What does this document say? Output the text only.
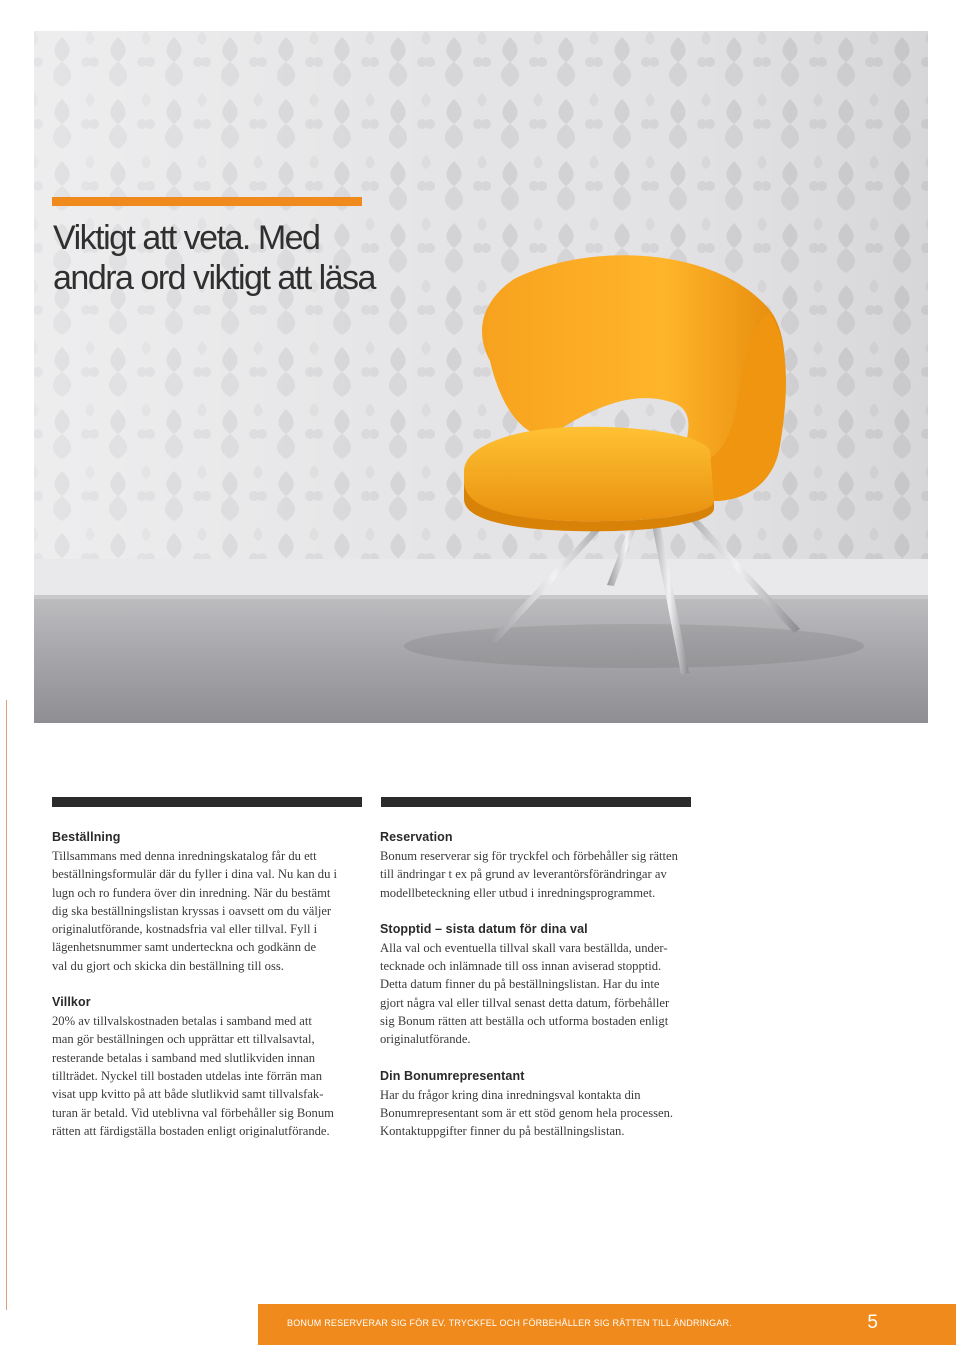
Viktigt att veta. Med
andra ord viktigt att läsa
Beställning

Tillsammans med denna inredningskatalog får du ett
beställningsformulär där du fyller i dina val. Nu kan du i
lugn och ro fundera över din inredning. När du bestämt
dig ska beställningslistan kryssas i oavsett om du väljer
originalutförande, kostnadsfria val eller tillval. Fyll i
lägenhetsnummer samt underteckna och godkänn de
val du gjort och skicka din beställning till oss.

Villkor

20% av tillvalskostnaden betalas i samband med att
man gör beställningen och upprättar ett tillvalsavtal,
resterande betalas i samband med slutlikviden innan
tillträdet. Nyckel till bostaden utdelas inte förrän man
visat upp kvitto på att både slutlikvid samt tillvalsfak-
turan är betald. Vid uteblivna val förbehåller sig Bonum
rätten att färdigställa bostaden enligt originalutförande.

Reservation

Bonum reserverar sig för tryckfel och förbehåller sig rätten
till ändringar t ex på grund av leverantörsförändringar av
modellbeteckning eller utbud i inredningsprogrammet.

Stopptid – sista datum för dina val

Alla val och eventuella tillval skall vara beställda, under-
tecknade och inlämnade till oss innan aviserad stopptid.
Detta datum finner du på beställningslistan. Har du inte
gjort några val eller tillval senast detta datum, förbehåller
sig Bonum rätten att beställa och utforma bostaden enligt
originalutförande.

Din Bonumrepresentant

Har du frågor kring dina inredningsval kontakta din
Bonumrepresentant som är ett stöd genom hela processen.
Kontaktuppgifter finner du på beställningslistan.

BONUM RESERVERAR SIG FÖR EV. TRYCKFEL OCH FÖRBEHÅLLER SIG RÄTTEN TILL ÄNDRINGAR.	5
